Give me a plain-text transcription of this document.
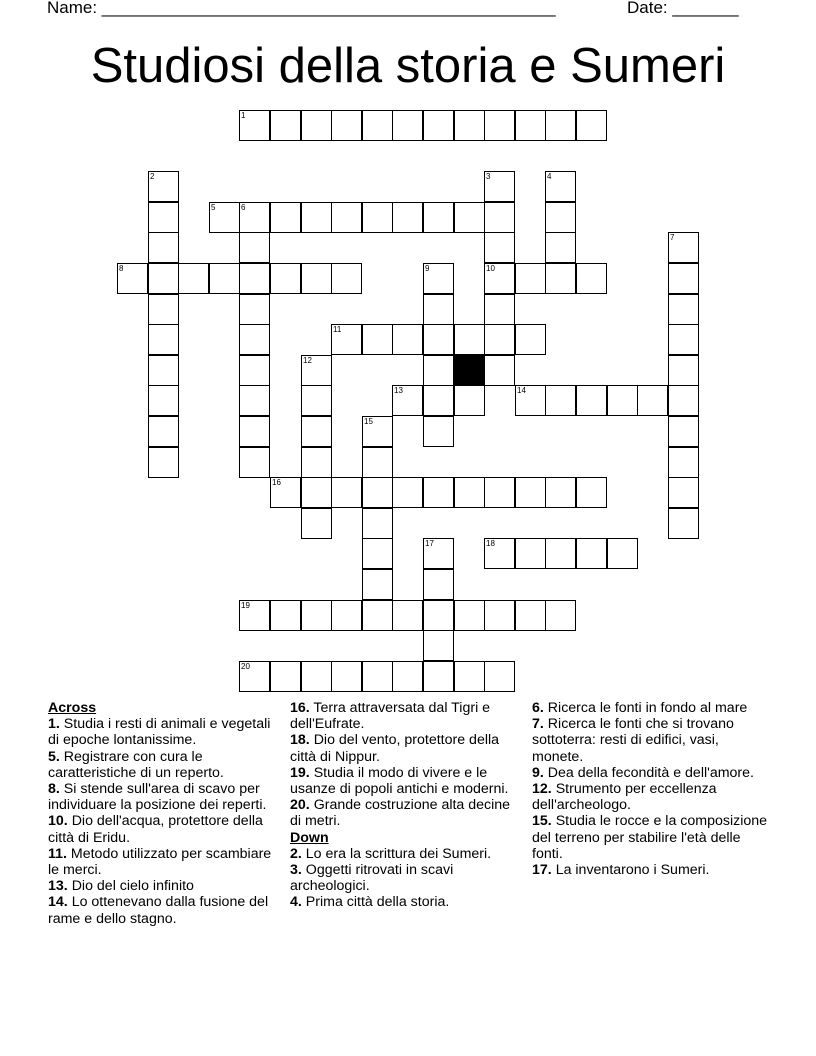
Name: ________________________________________________	Date: _______
Studiosi della storia e Sumeri
1
2	3	4
5	6
7
8	9	10
11
12
13	14
15
16
17	18
19
20
Across
1. Studia i resti di animali e vegetali di epoche lontanissime.
5. Registrare con cura le caratteristiche di un reperto.
8. Si stende sull'area di scavo per individuare la posizione dei reperti.
10. Dio dell'acqua, protettore della città di Eridu.
11. Metodo utilizzato per scambiare le merci.
13. Dio del cielo infinito
14. Lo ottenevano dalla fusione del rame e dello stagno.
16. Terra attraversata dal Tigri e dell'Eufrate.
18. Dio del vento, protettore della città di Nippur.
19. Studia il modo di vivere e le usanze di popoli antichi e moderni.
20. Grande costruzione alta decine di metri.
Down
2. Lo era la scrittura dei Sumeri.
3. Oggetti ritrovati in scavi archeologici.
4. Prima città della storia.
6. Ricerca le fonti in fondo al mare
7. Ricerca le fonti che si trovano sottoterra: resti di edifici, vasi, monete.
9. Dea della fecondità e dell'amore.
12. Strumento per eccellenza dell'archeologo.
15. Studia le rocce e la composizione del terreno per stabilire l'età delle fonti.
17. La inventarono i Sumeri.
